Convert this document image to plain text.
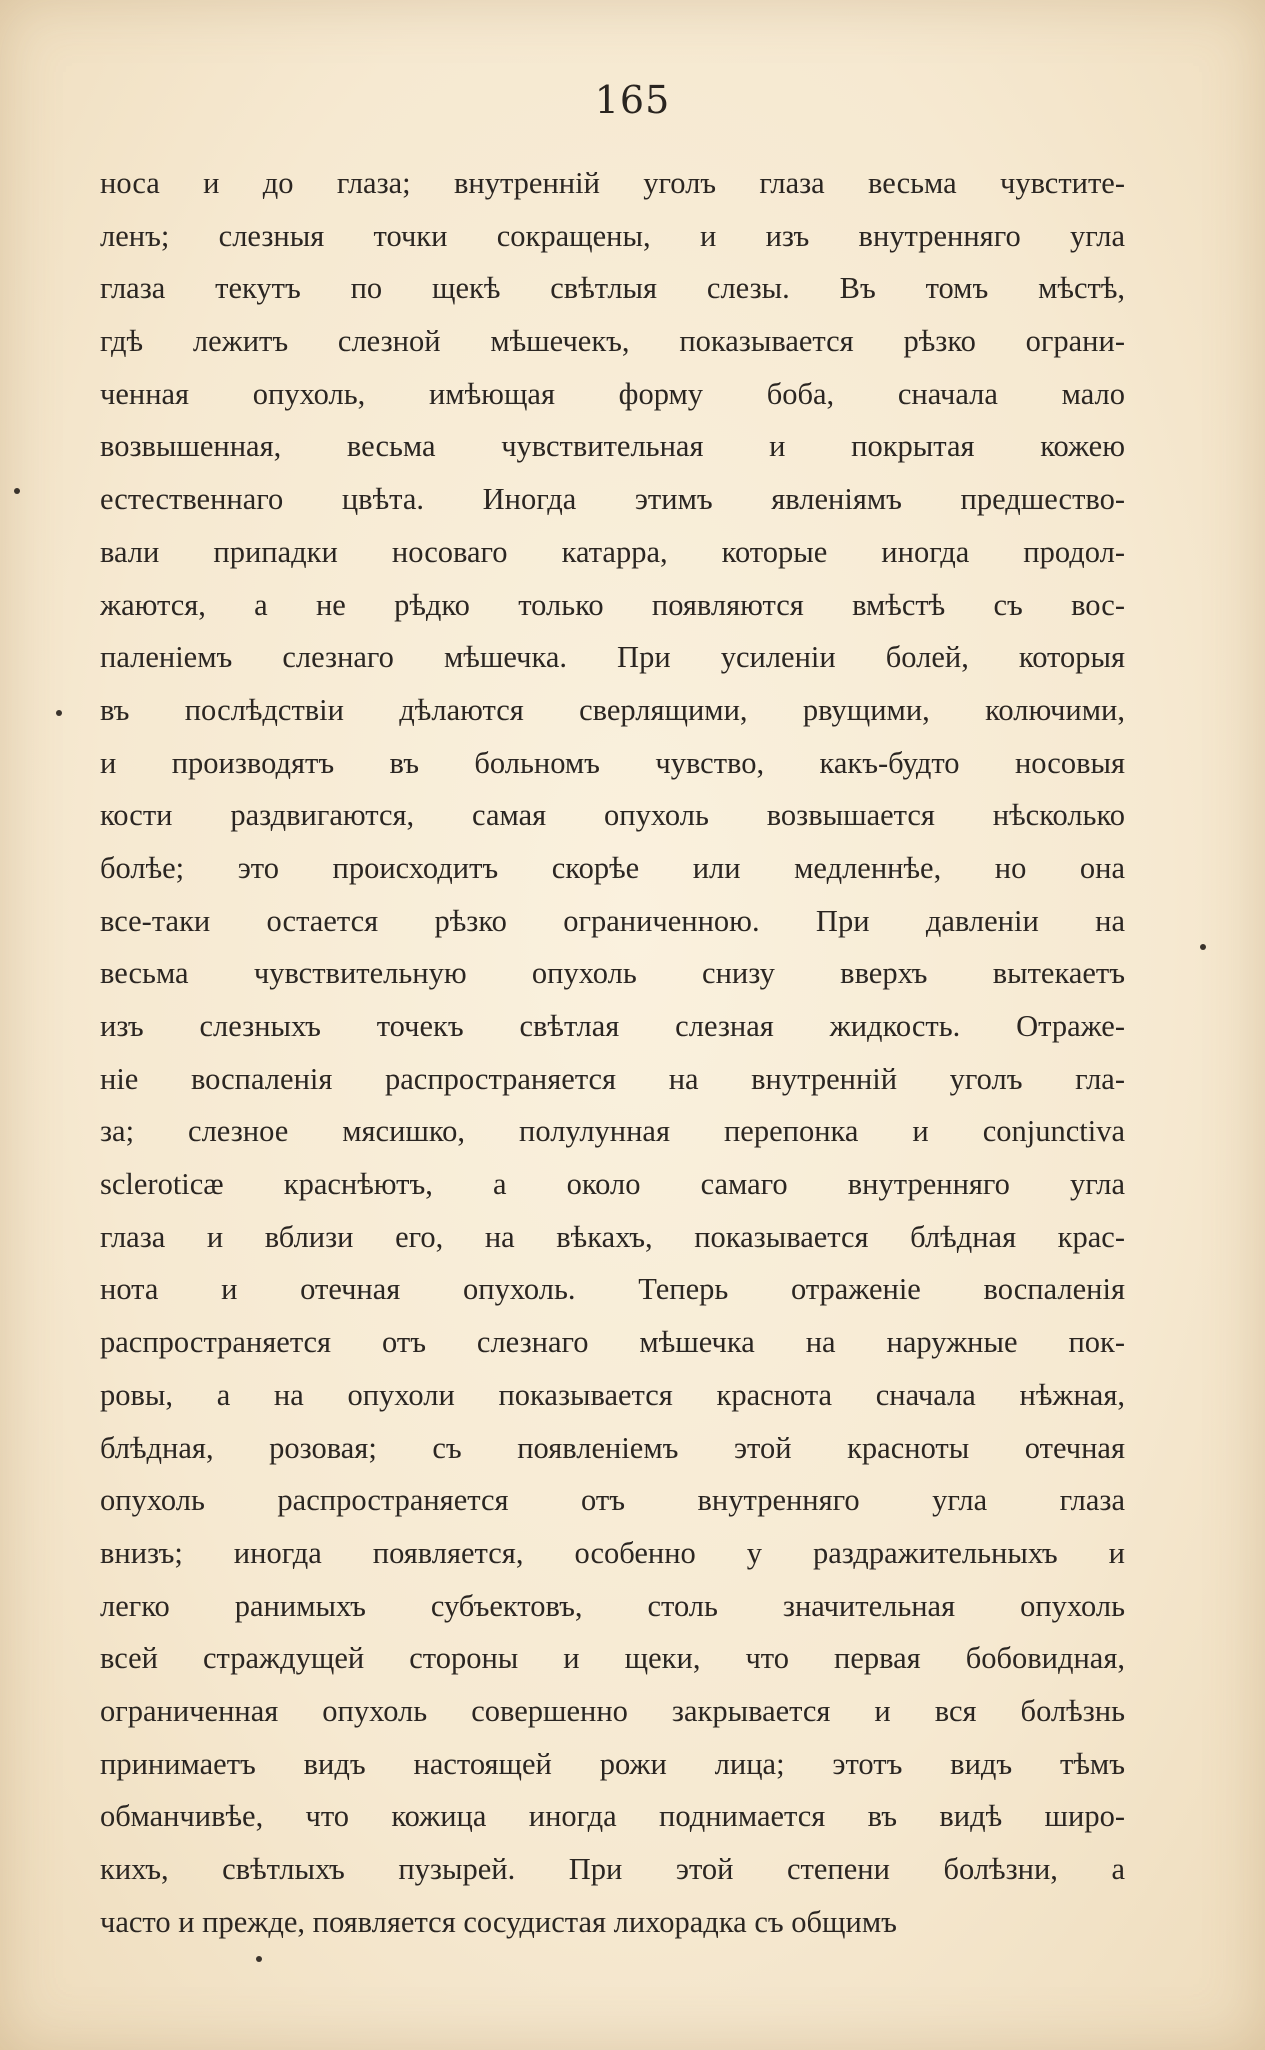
165
носа и до глаза; внутренній уголъ глаза весьма чувстите-
ленъ; слезныя точки сокращены, и изъ внутренняго угла
глаза текутъ по щекѣ свѣтлыя слезы. Въ томъ мѣстѣ,
гдѣ лежитъ слезной мѣшечекъ, показывается рѣзко ограни-
ченная опухоль, имѣющая форму боба, сначала мало
возвышенная, весьма чувствительная и покрытая кожею
естественнаго цвѣта. Иногда этимъ явленіямъ предшество-
вали припадки носоваго катарра, которые иногда продол-
жаются, а не рѣдко только появляются вмѣстѣ съ вос-
паленіемъ слезнаго мѣшечка. При усиленіи болей, которыя
въ послѣдствіи дѣлаются сверлящими, рвущими, колючими,
и производятъ въ больномъ чувство, какъ-будто носовыя
кости раздвигаются, самая опухоль возвышается нѣсколько
болѣе; это происходитъ скорѣе или медленнѣе, но она
все-таки остается рѣзко ограниченною. При давленіи на
весьма чувствительную опухоль снизу вверхъ вытекаетъ
изъ слезныхъ точекъ свѣтлая слезная жидкость. Отраже-
ніе воспаленія распространяется на внутренній уголъ гла-
за; слезное мясишко, полулунная перепонка и conjunctiva
scleroticæ краснѣютъ, а около самаго внутренняго угла
глаза и вблизи его, на вѣкахъ, показывается блѣдная крас-
нота и отечная опухоль. Теперь отраженіе воспаленія
распространяется отъ слезнаго мѣшечка на наружные пок-
ровы, а на опухоли показывается краснота сначала нѣжная,
блѣдная, розовая; съ появленіемъ этой красноты отечная
опухоль распространяется отъ внутренняго угла глаза
внизъ; иногда появляется, особенно у раздражительныхъ и
легко ранимыхъ субъектовъ, столь значительная опухоль
всей страждущей стороны и щеки, что первая бобовидная,
ограниченная опухоль совершенно закрывается и вся болѣзнь
принимаетъ видъ настоящей рожи лица; этотъ видъ тѣмъ
обманчивѣе, что кожица иногда поднимается въ видѣ широ-
кихъ, свѣтлыхъ пузырей. При этой степени болѣзни, а
часто и прежде, появляется сосудистая лихорадка съ общимъ
